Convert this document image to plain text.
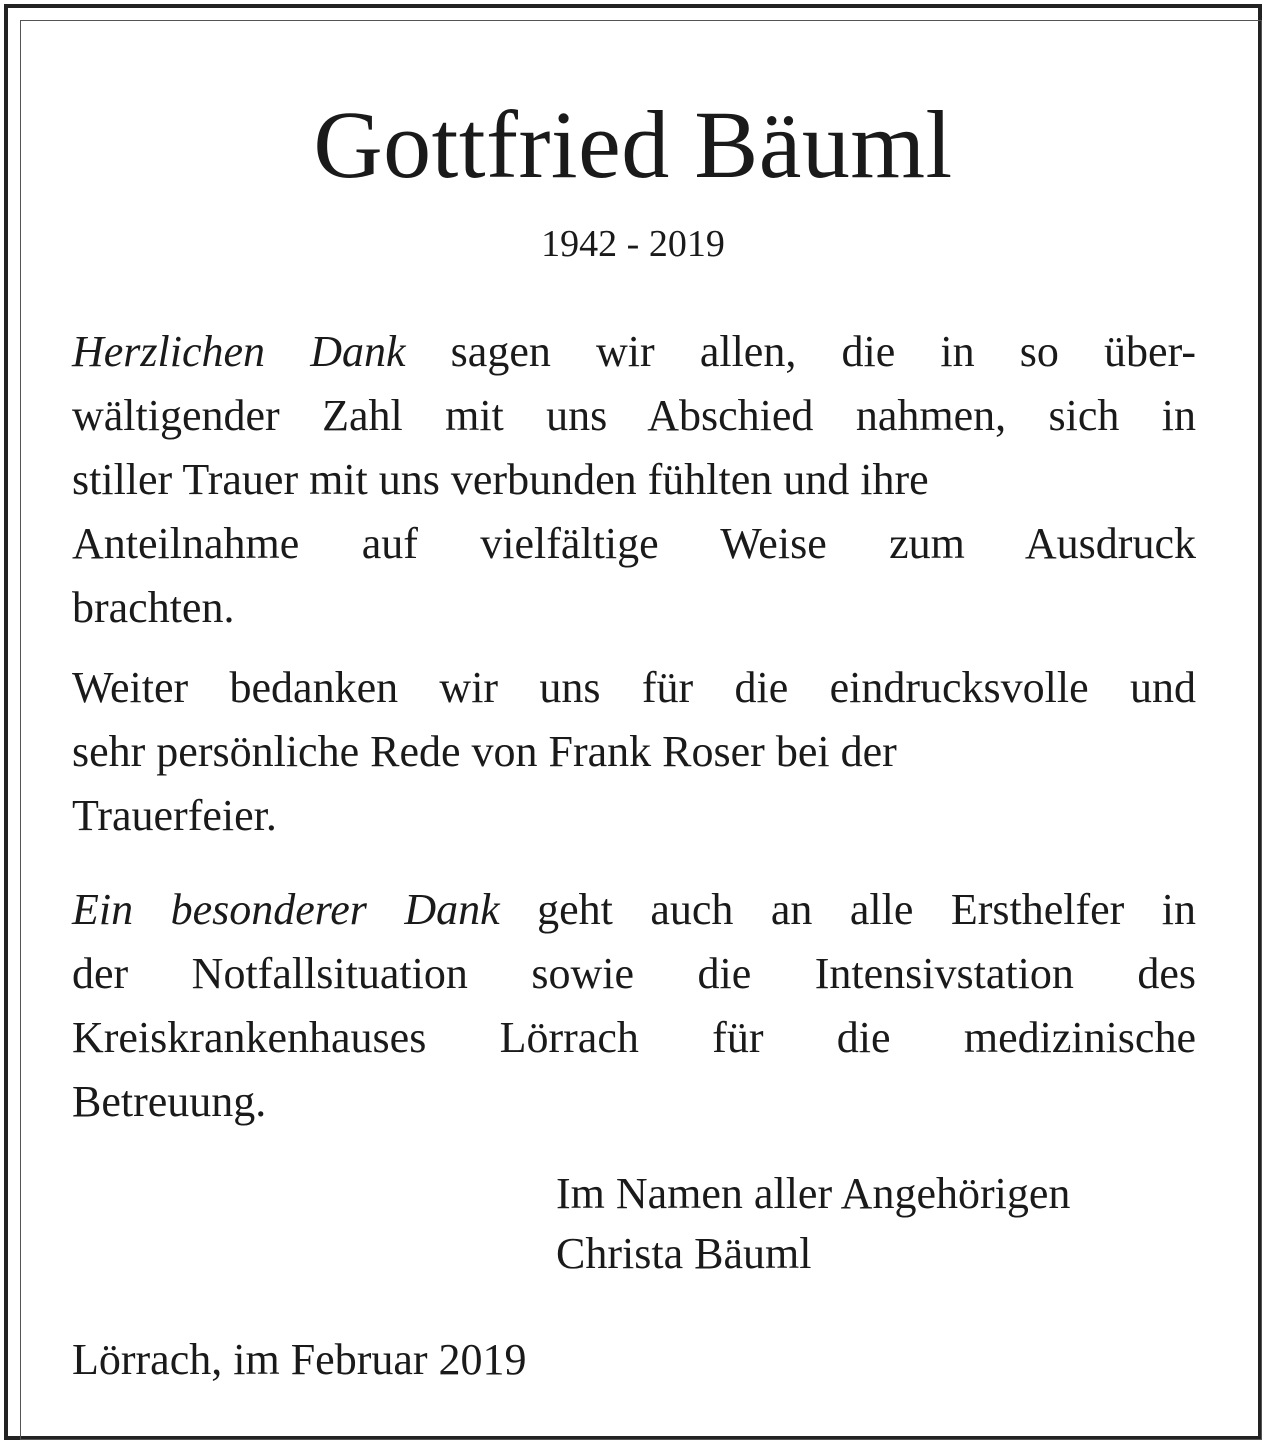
Gottfried Bäuml
1942 - 2019
Herzlichen Dank sagen wir allen, die in so über-
wältigender Zahl mit uns Abschied nahmen, sich in
stiller Trauer mit uns verbunden fühlten und ihre
Anteilnahme auf vielfältige Weise zum Ausdruck
brachten.
Weiter bedanken wir uns für die eindrucksvolle und
sehr persönliche Rede von Frank Roser bei der
Trauerfeier.
Ein besonderer Dank geht auch an alle Ersthelfer in
der Notfallsituation sowie die Intensivstation des
Kreiskrankenhauses Lörrach für die medizinische
Betreuung.
Im Namen aller Angehörigen
Christa Bäuml
Lörrach, im Februar 2019
